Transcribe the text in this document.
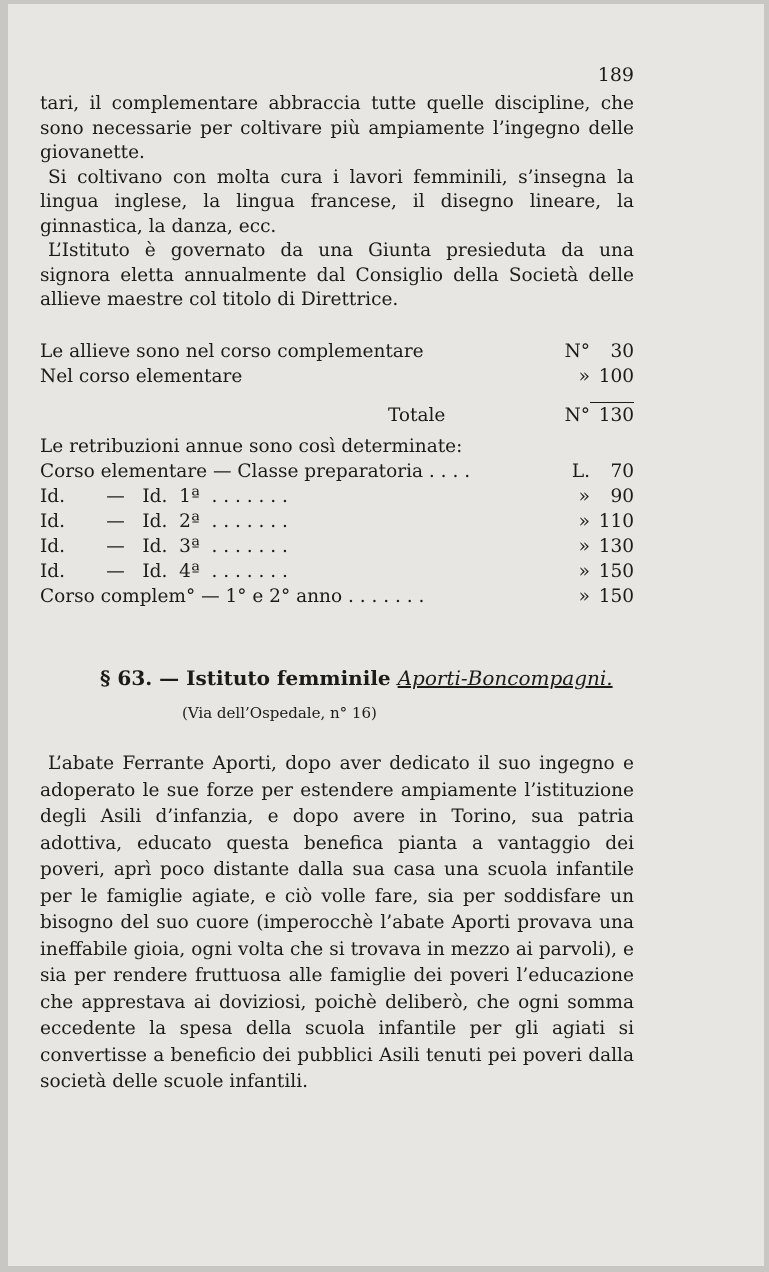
189

tari, il complementare abbraccia tutte quelle discipline, che sono necessarie per coltivare più ampiamente l’ingegno delle giovanette.

Si coltivano con molta cura i lavori femminili, s’insegna la lingua inglese, la lingua francese, il disegno lineare, la ginnastica, la danza, ecc.

L’Istituto è governato da una Giunta presieduta da una signora eletta annualmente dal Consiglio della Società delle allieve maestre col titolo di Direttrice.

Le allieve sono nel corso complementare	N° 30
Nel corso elementare	» 100
Totale	N° 130
Le retribuzioni annue sono così determinate:
Corso elementare — Classe preparatoria . . . .	L. 70
Id.       —   Id.  1ª  . . . . . . .	» 90
Id.       —   Id.  2ª  . . . . . . .	» 110
Id.       —   Id.  3ª  . . . . . . .	» 130
Id.       —   Id.  4ª  . . . . . . .	» 150
Corso complem° — 1° e 2° anno . . . . . . .	» 150
§ 63. — Istituto femminile Aporti-Boncompagni.
(Via dell’Ospedale, n° 16)

L’abate Ferrante Aporti, dopo aver dedicato il suo ingegno e adoperato le sue forze per estendere ampiamente l’istituzione degli Asili d’infanzia, e dopo avere in Torino, sua patria adottiva, educato questa benefica pianta a vantaggio dei poveri, aprì poco distante dalla sua casa una scuola infantile per le famiglie agiate, e ciò volle fare, sia per soddisfare un bisogno del suo cuore (imperocchè l’abate Aporti provava una ineffabile gioia, ogni volta che si trovava in mezzo ai parvoli), e sia per rendere fruttuosa alle famiglie dei poveri l’educazione che apprestava ai doviziosi, poichè deliberò, che ogni somma eccedente la spesa della scuola infantile per gli agiati si convertisse a beneficio dei pubblici Asili tenuti pei poveri dalla società delle scuole infantili.
